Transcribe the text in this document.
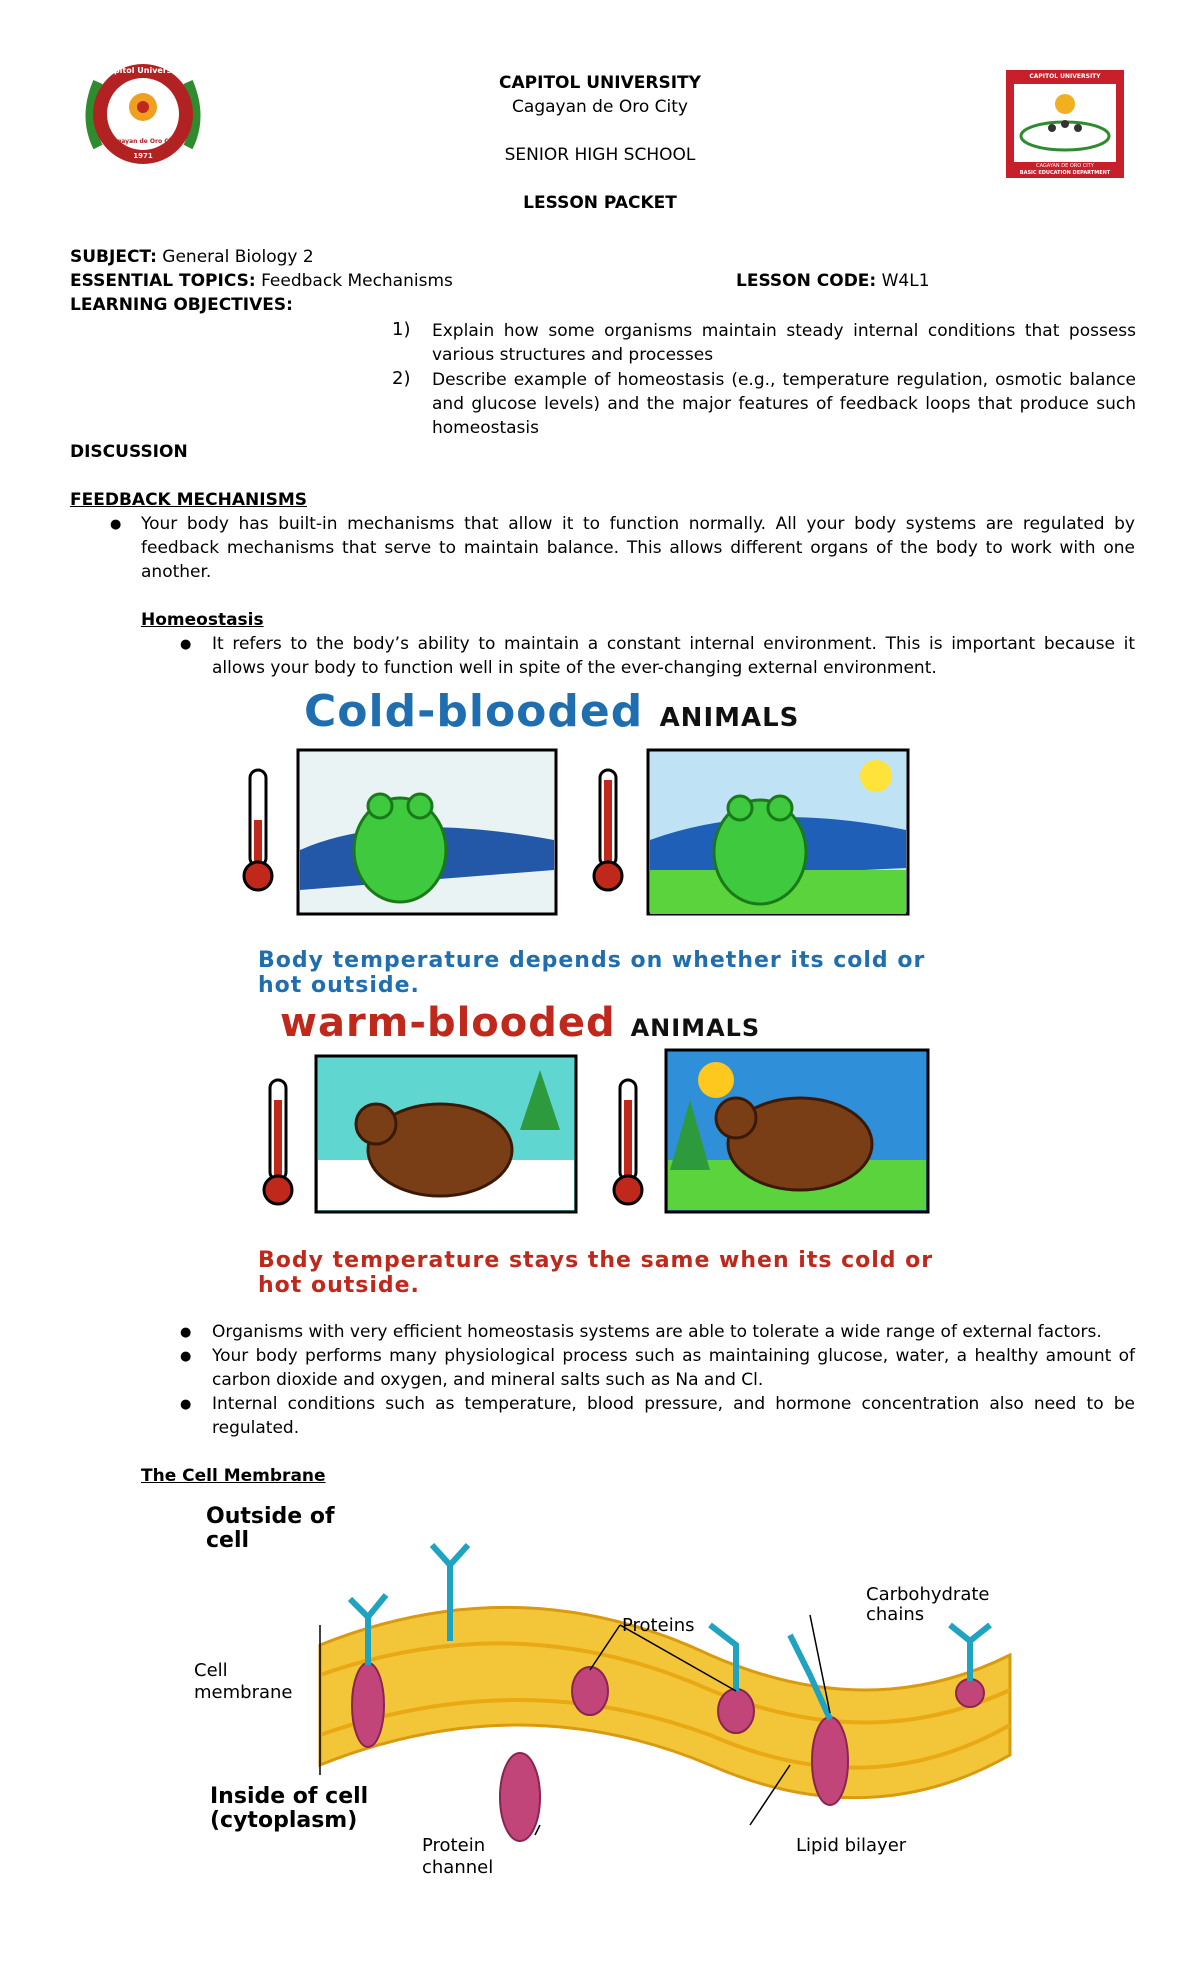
Capitol University
Cagayan de Oro City
1971
CAPITOL UNIVERSITY
CAGAYAN DE ORO CITY
BASIC EDUCATION DEPARTMENT
CAPITOL UNIVERSITY
Cagayan de Oro City
SENIOR HIGH SCHOOL
LESSON PACKET
SUBJECT: General Biology 2
ESSENTIAL TOPICS: Feedback Mechanisms	LESSON CODE: W4L1
LEARNING OBJECTIVES:
1) Explain how some organisms maintain steady internal conditions that possess various structures and processes
2) Describe example of homeostasis (e.g., temperature regulation, osmotic balance and glucose levels) and the major features of feedback loops that produce such homeostasis
DISCUSSION
FEEDBACK MECHANISMS
● Your body has built-in mechanisms that allow it to function normally. All your body systems are regulated by feedback mechanisms that serve to maintain balance. This allows different organs of the body to work with one another.
Homeostasis
● It refers to the body’s ability to maintain a constant internal environment. This is important because it allows your body to function well in spite of the ever-changing external environment.
Cold-blooded ANIMALS
Body temperature depends on whether its cold or hot outside.
warm-blooded ANIMALS
Body temperature stays the same when its cold or hot outside.
● Organisms with very efficient homeostasis systems are able to tolerate a wide range of external factors.
● Your body performs many physiological process such as maintaining glucose, water, a healthy amount of carbon dioxide and oxygen, and mineral salts such as Na and Cl.
● Internal conditions such as temperature, blood pressure, and hormone concentration also need to be regulated.
The Cell Membrane
Outside of cell
Cell membrane
Inside of cell (cytoplasm)
Proteins
Carbohydrate chains
Protein channel
Lipid bilayer
